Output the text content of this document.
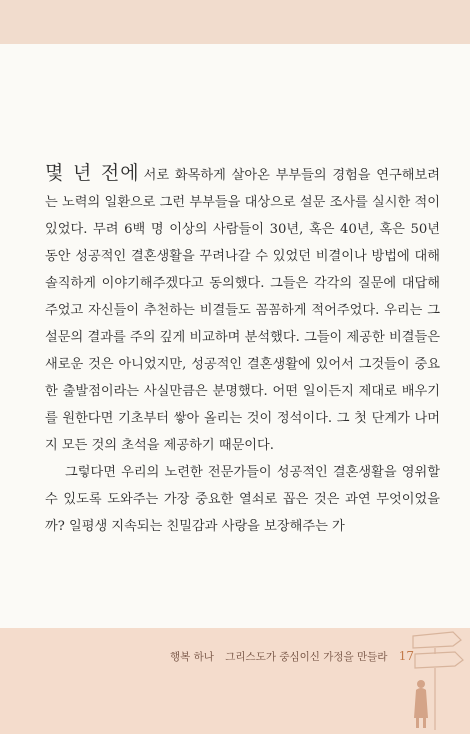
몇 년 전에 서로 화목하게 살아온 부부들의 경험을 연구해보려는 노력의 일환으로 그런 부부들을 대상으로 설문 조사를 실시한 적이 있었다. 무려 6백 명 이상의 사람들이 30년, 혹은 40년, 혹은 50년 동안 성공적인 결혼생활을 꾸려나갈 수 있었던 비결이나 방법에 대해 솔직하게 이야기해주겠다고 동의했다. 그들은 각각의 질문에 대답해주었고 자신들이 추천하는 비결들도 꼼꼼하게 적어주었다. 우리는 그 설문의 결과를 주의 깊게 비교하며 분석했다. 그들이 제공한 비결들은 새로운 것은 아니었지만, 성공적인 결혼생활에 있어서 그것들이 중요한 출발점이라는 사실만큼은 분명했다. 어떤 일이든지 제대로 배우기를 원한다면 기초부터 쌓아 올리는 것이 정석이다. 그 첫 단계가 나머지 모든 것의 초석을 제공하기 때문이다.

그렇다면 우리의 노련한 전문가들이 성공적인 결혼생활을 영위할 수 있도록 도와주는 가장 중요한 열쇠로 꼽은 것은 과연 무엇이었을까? 일평생 지속되는 친밀감과 사랑을 보장해주는 가

행복 하나 그리스도가 중심이신 가정을 만들라 17
